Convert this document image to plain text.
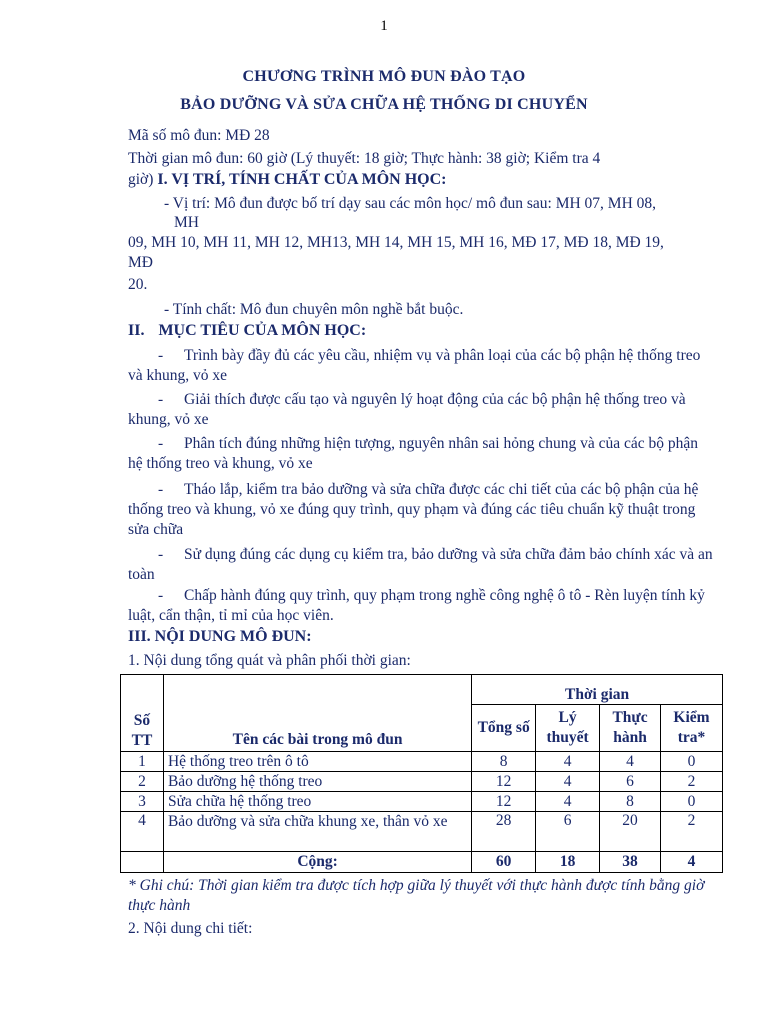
1
CHƯƠNG TRÌNH MÔ ĐUN ĐÀO TẠO
BẢO DƯỠNG VÀ SỬA CHỮA HỆ THỐNG DI CHUYỂN
Mã số mô đun: MĐ 28
Thời gian mô đun: 60 giờ (Lý thuyết: 18 giờ; Thực hành: 38 giờ; Kiểm tra 4
giờ) I. VỊ TRÍ, TÍNH CHẤT CỦA MÔN HỌC:
- Vị trí: Mô đun được bố trí dạy sau các môn học/ mô đun sau: MH 07, MH 08,
MH
09, MH 10, MH 11, MH 12, MH13, MH 14, MH 15, MH 16, MĐ 17, MĐ 18, MĐ 19,
MĐ
20.
- Tính chất: Mô đun chuyên môn nghề bắt buộc.
II. MỤC TIÊU CỦA MÔN HỌC:
- Trình bày đầy đủ các yêu cầu, nhiệm vụ và phân loại của các bộ phận hệ thống treo và khung, vỏ xe
- Giải thích được cấu tạo và nguyên lý hoạt động của các bộ phận hệ thống treo và khung, vỏ xe
- Phân tích đúng những hiện tượng, nguyên nhân sai hỏng chung và của các bộ phận hệ thống treo và khung, vỏ xe
- Tháo lắp, kiểm tra bảo dưỡng và sửa chữa được các chi tiết của các bộ phận của hệ thống treo và khung, vỏ xe đúng quy trình, quy phạm và đúng các tiêu chuẩn kỹ thuật trong sửa chữa
- Sử dụng đúng các dụng cụ kiểm tra, bảo dưỡng và sửa chữa đảm bảo chính xác và an toàn
- Chấp hành đúng quy trình, quy phạm trong nghề công nghệ ô tô - Rèn luyện tính kỷ luật, cẩn thận, tỉ mỉ của học viên.
III. NỘI DUNG MÔ ĐUN:
1. Nội dung tổng quát và phân phối thời gian:
Số TT	Tên các bài trong mô đun	Thời gian			
		Tổng số	Lý thuyết	Thực hành	Kiểm tra*
1	Hệ thống treo trên ô tô	8	4	4	0
2	Bảo dưỡng hệ thống treo	12	4	6	2
3	Sửa chữa hệ thống treo	12	4	8	0
4	Bảo dưỡng và sửa chữa khung xe, thân vỏ xe	28	6	20	2
	Cộng:	60	18	38	4
* Ghi chú: Thời gian kiểm tra được tích hợp giữa lý thuyết với thực hành được tính bằng giờ thực hành
2. Nội dung chi tiết:
